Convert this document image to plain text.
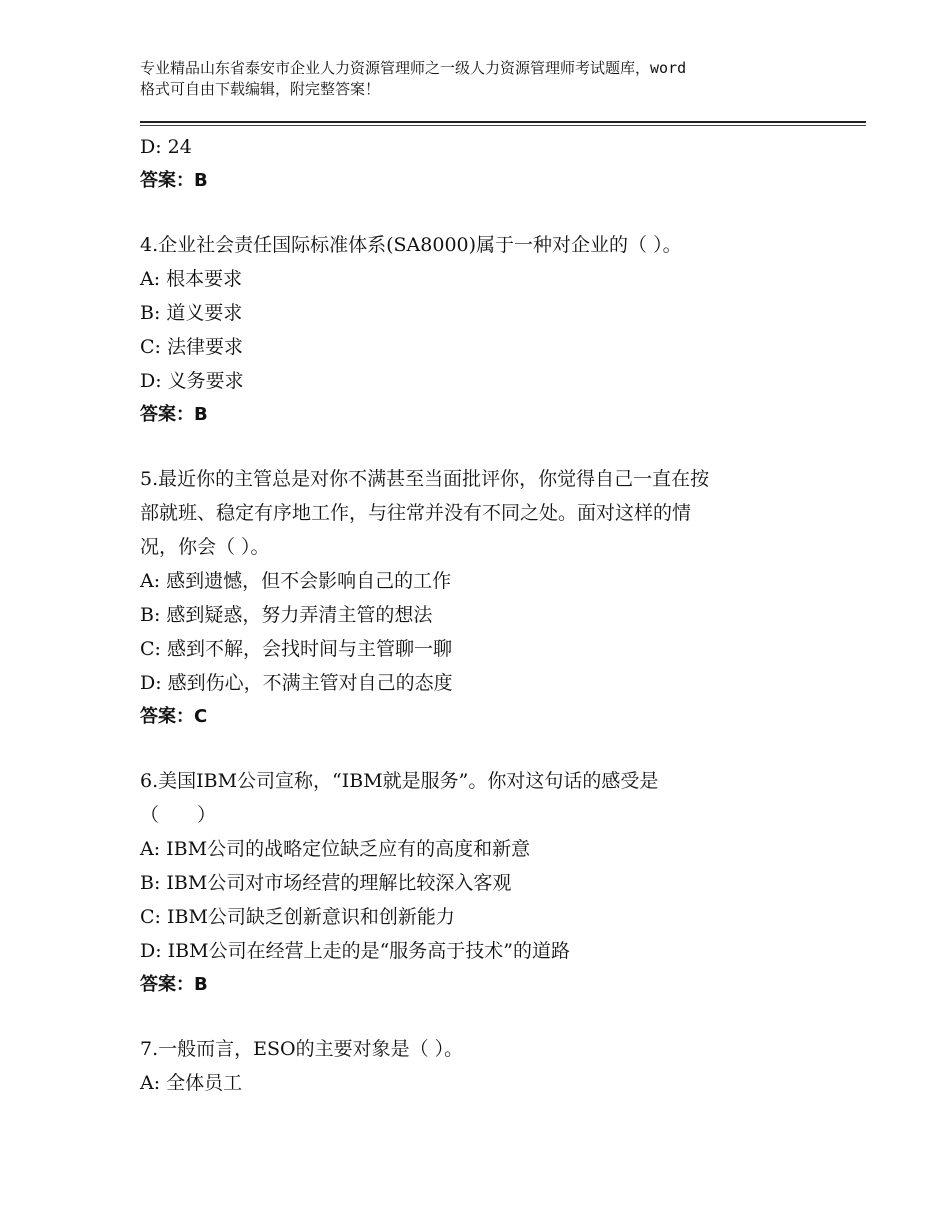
专业精品山东省泰安市企业人力资源管理师之一级人力资源管理师考试题库，word
格式可自由下载编辑，附完整答案！
D: 24
答案：B
4.企业社会责任国际标准体系(SA8000)属于一种对企业的（ ）。
A: 根本要求
B: 道义要求
C: 法律要求
D: 义务要求
答案：B
5.最近你的主管总是对你不满甚至当面批评你，你觉得自己一直在按
部就班、稳定有序地工作，与往常并没有不同之处。面对这样的情
况，你会（ ）。
A: 感到遗憾，但不会影响自己的工作
B: 感到疑惑，努力弄清主管的想法
C: 感到不解，会找时间与主管聊一聊
D: 感到伤心，不满主管对自己的态度
答案：C
6.美国IBM公司宣称，“IBM就是服务”。你对这句话的感受是
（　　）
A: IBM公司的战略定位缺乏应有的高度和新意
B: IBM公司对市场经营的理解比较深入客观
C: IBM公司缺乏创新意识和创新能力
D: IBM公司在经营上走的是“服务高于技术”的道路
答案：B
7.一般而言，ESO的主要对象是（ ）。
A: 全体员工
